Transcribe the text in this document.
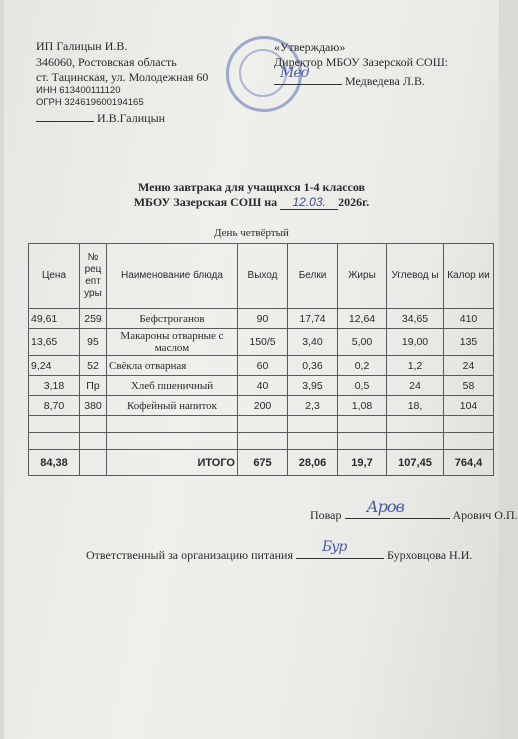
ИП Галицын И.В.
346060, Ростовская область
ст. Тацинская, ул. Молодежная 60
ИНН 613400111120
ОГРН 324619600194165
И.В.Галицын
«Утверждаю»
Директор МБОУ Зазерской СОШ:
Мед	Медведева Л.В.
Меню завтрака для учащихся 1-4 классов
МБОУ Зазерская СОШ на 12.03. 2026г.
День четвёртый
Цена	№ рец епт уры	Наименование блюда	Выход	Белки	Жиры	Углевод ы	Калор ии
49,61	259	Бефстроганов	90	17,74	12,64	34,65	410
13,65	95	Макароны отварные с маслом	150/5	3,40	5,00	19,00	135
9,24	52	Свёкла отварная	60	0,36	0,2	1,2	24
3,18	Пр	Хлеб пшеничный	40	3,95	0,5	24	58
8,70	380	Кофейный напиток	200	2,3	1,08	18,	104

84,38		ИТОГО	675	28,06	19,7	107,45	764,4
Повар Аров	Арович О.П.
Ответственный за организацию питания Бур	Бурховцова Н.И.
